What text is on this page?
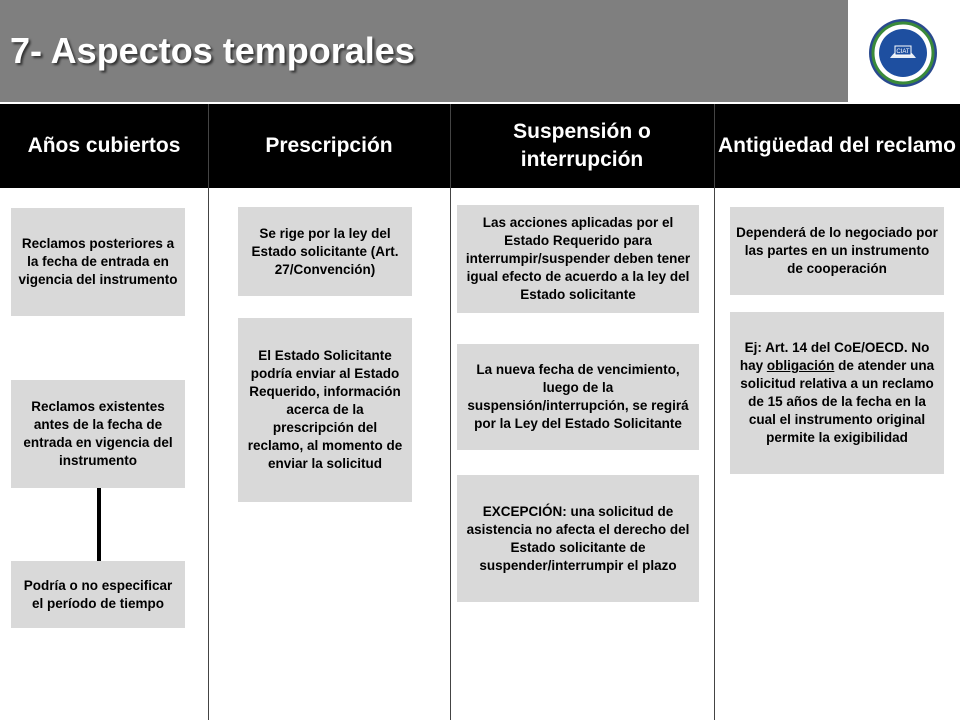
7- Aspectos temporales	CIAT
Años cubiertos	Prescripción
Suspensión o interrupción
Antigüedad del reclamo
Reclamos posteriores a la fecha de entrada en vigencia del instrumento
Reclamos existentes antes de la fecha de entrada en vigencia del instrumento
Podría o no especificar el período de tiempo
Se rige por la ley del Estado solicitante (Art. 27/Convención)
El Estado Solicitante podría enviar al Estado Requerido, información acerca de la prescripción del reclamo, al momento de enviar la solicitud
Las acciones aplicadas por el Estado Requerido para interrumpir/suspender deben tener igual efecto de acuerdo a la ley del Estado solicitante
La nueva fecha de vencimiento, luego de la suspensión/interrupción, se regirá por la Ley del Estado Solicitante
EXCEPCIÓN: una solicitud de asistencia no afecta el derecho del Estado solicitante de suspender/interrumpir el plazo
Dependerá de lo negociado por las partes en un instrumento de cooperación
Ej: Art. 14 del CoE/OECD. No hay obligación de atender una solicitud relativa a un reclamo de 15 años de la fecha en la cual el instrumento original permite la exigibilidad
